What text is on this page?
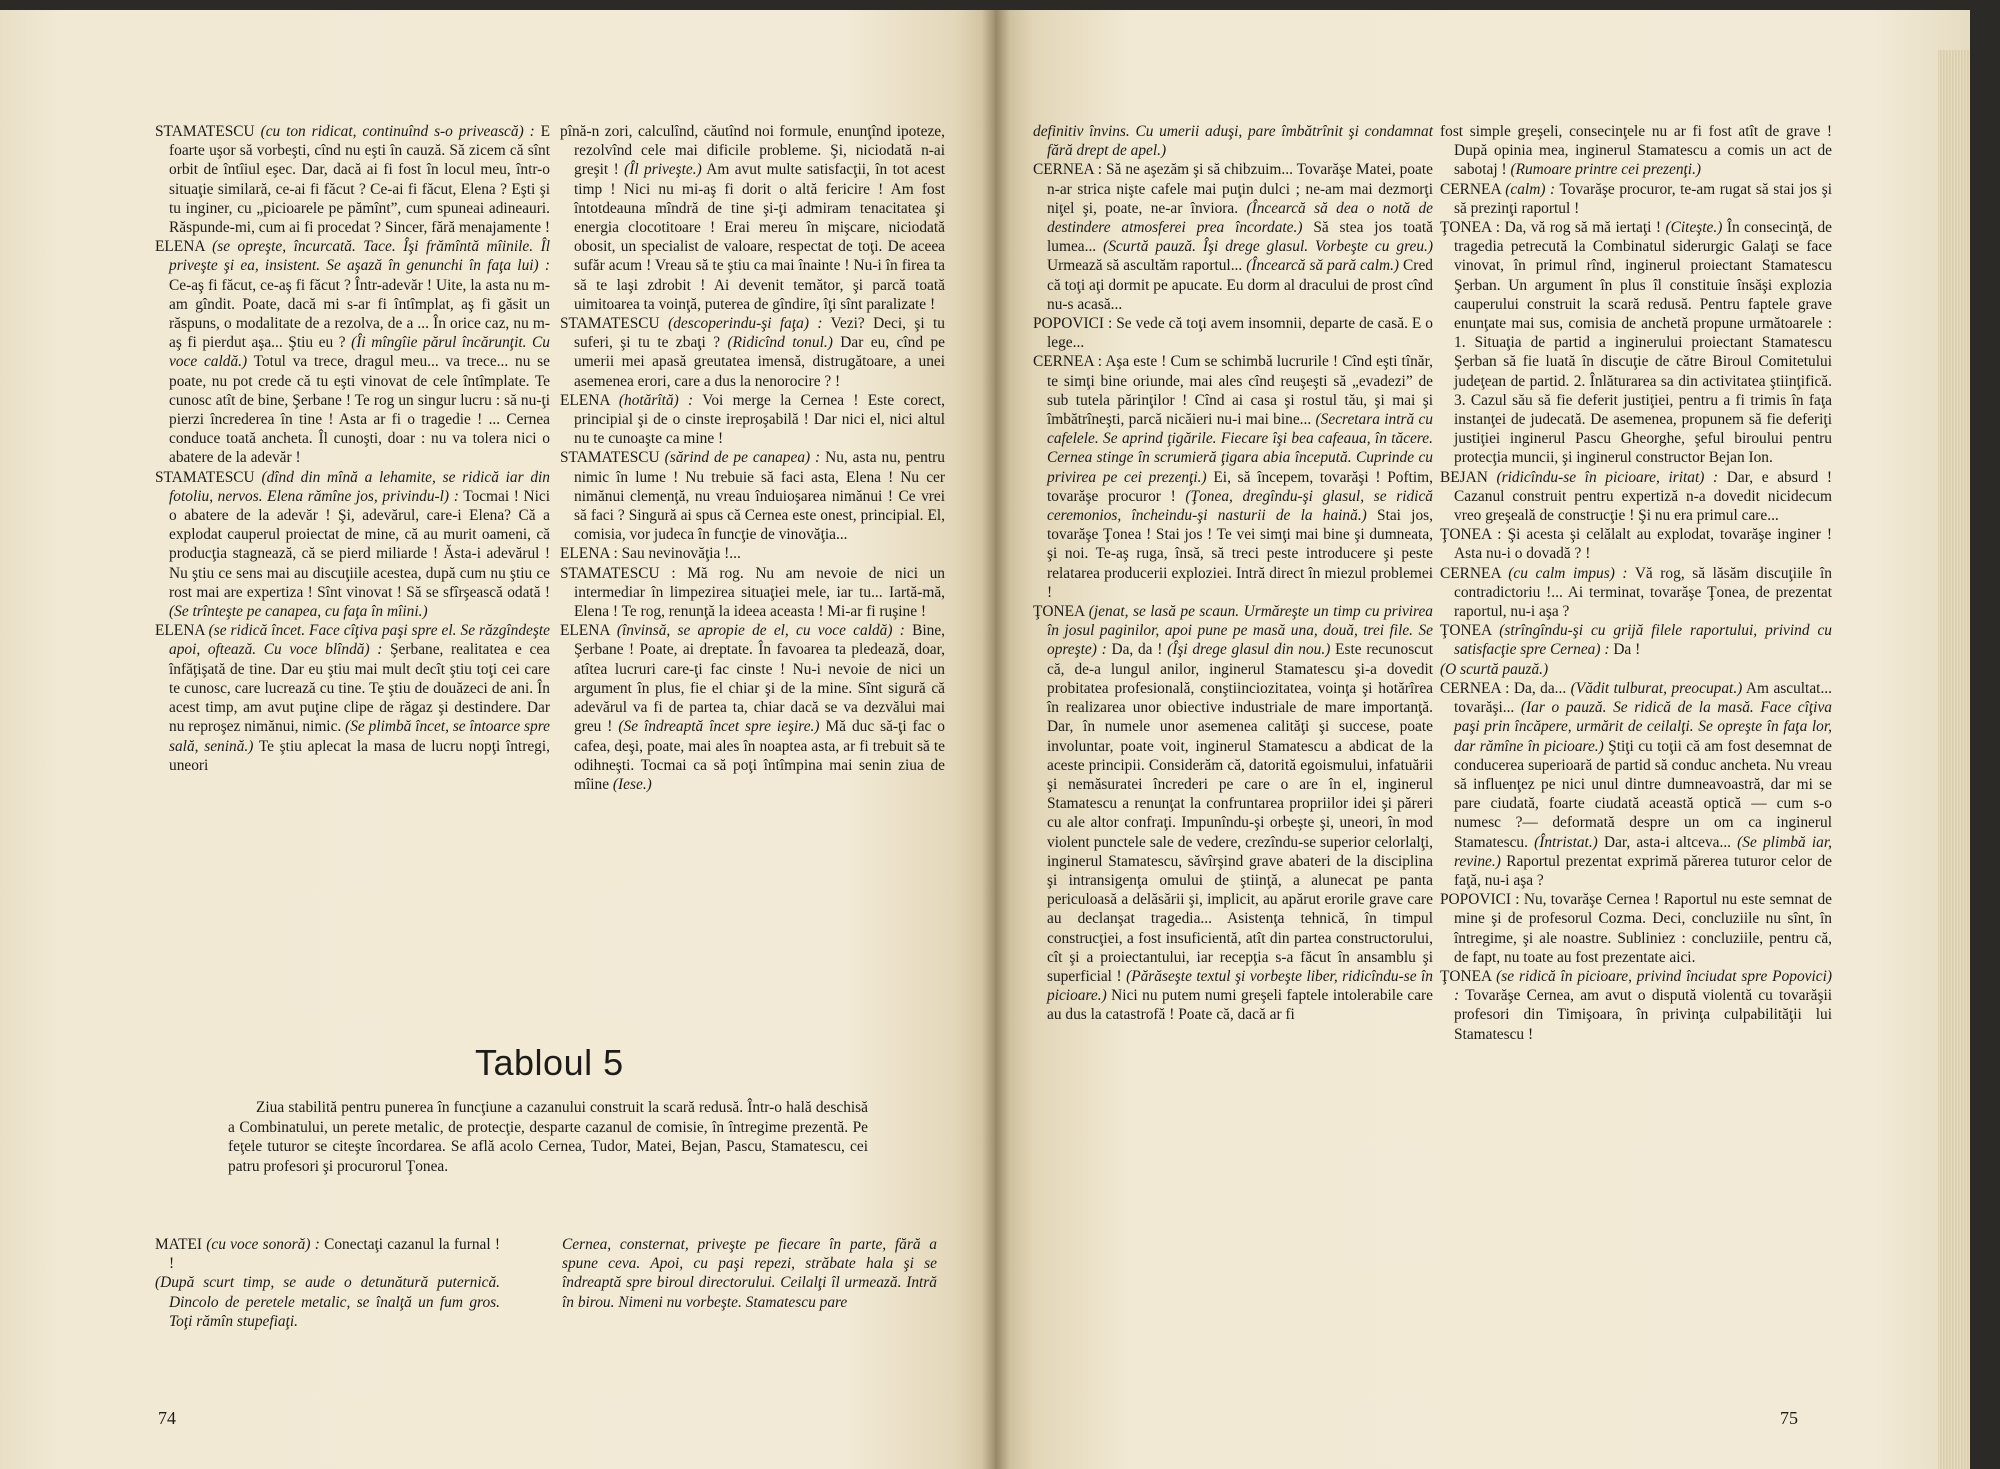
STAMATESCU (cu ton ridicat, continuînd s-o privească) : E foarte uşor să vorbeşti, cînd nu eşti în cauză. Să zicem că sînt orbit de întîiul eşec. Dar, dacă ai fi fost în locul meu, într-o situaţie similară, ce-ai fi făcut ? Ce-ai fi făcut, Elena ? Eşti şi tu inginer, cu „picioarele pe pămînt”, cum spuneai adineauri. Răspunde-mi, cum ai fi procedat ? Sincer, fără menajamente !

ELENA (se opreşte, încurcată. Tace. Îşi frămîntă mîinile. Îl priveşte şi ea, insistent. Se aşază în genunchi în faţa lui) : Ce-aş fi făcut, ce-aş fi făcut ? Într-adevăr ! Uite, la asta nu m-am gîndit. Poate, dacă mi s-ar fi întîmplat, aş fi găsit un răspuns, o modalitate de a rezolva, de a ... În orice caz, nu m-aş fi pierdut aşa... Ştiu eu ? (Îi mîngîie părul încărunţit. Cu voce caldă.) Totul va trece, dragul meu... va trece... nu se poate, nu pot crede că tu eşti vinovat de cele întîmplate. Te cunosc atît de bine, Şerbane ! Te rog un singur lucru : să nu-ţi pierzi încrederea în tine ! Asta ar fi o tragedie ! ... Cernea conduce toată ancheta. Îl cunoşti, doar : nu va tolera nici o abatere de la adevăr !

STAMATESCU (dînd din mînă a lehamite, se ridică iar din fotoliu, nervos. Elena rămîne jos, privindu-l) : Tocmai ! Nici o abatere de la adevăr ! Şi, adevărul, care-i Elena? Că a explodat cauperul proiectat de mine, că au murit oameni, că producţia stagnează, că se pierd miliarde ! Ăsta-i adevărul ! Nu ştiu ce sens mai au discuţiile acestea, după cum nu ştiu ce rost mai are expertiza ! Sînt vinovat ! Să se sfîrşească odată ! (Se trînteşte pe canapea, cu faţa în mîini.)

ELENA (se ridică încet. Face cîţiva paşi spre el. Se răzgîndeşte apoi, oftează. Cu voce blîndă) : Şerbane, realitatea e cea înfăţişată de tine. Dar eu ştiu mai mult decît ştiu toţi cei care te cunosc, care lucrează cu tine. Te ştiu de douăzeci de ani. În acest timp, am avut puţine clipe de răgaz şi destindere. Dar nu reproşez nimănui, nimic. (Se plimbă încet, se întoarce spre sală, senină.) Te ştiu aplecat la masa de lucru nopţi întregi, uneori

pînă-n zori, calculînd, căutînd noi formule, enunţînd ipoteze, rezolvînd cele mai dificile probleme. Şi, niciodată n-ai greşit ! (Îl priveşte.) Am avut multe satisfacţii, în tot acest timp ! Nici nu mi-aş fi dorit o altă fericire ! Am fost întotdeauna mîndră de tine şi-ţi admiram tenacitatea şi energia clocotitoare ! Erai mereu în mişcare, niciodată obosit, un specialist de valoare, respectat de toţi. De aceea sufăr acum ! Vreau să te ştiu ca mai înainte ! Nu-i în firea ta să te laşi zdrobit ! Ai devenit temător, şi parcă toată uimitoarea ta voinţă, puterea de gîndire, îţi sînt paralizate !

STAMATESCU (descoperindu-şi faţa) : Vezi? Deci, şi tu suferi, şi tu te zbaţi ? (Ridicînd tonul.) Dar eu, cînd pe umerii mei apasă greutatea imensă, distrugătoare, a unei asemenea erori, care a dus la nenorocire ? !

ELENA (hotărîtă) : Voi merge la Cernea ! Este corect, principial şi de o cinste ireproşabilă ! Dar nici el, nici altul nu te cunoaşte ca mine !

STAMATESCU (sărind de pe canapea) : Nu, asta nu, pentru nimic în lume ! Nu trebuie să faci asta, Elena ! Nu cer nimănui clemenţă, nu vreau înduioşarea nimănui ! Ce vrei să faci ? Singură ai spus că Cernea este onest, principial. El, comisia, vor judeca în funcţie de vinovăţia...

ELENA : Sau nevinovăţia !...

STAMATESCU : Mă rog. Nu am nevoie de nici un intermediar în limpezirea situaţiei mele, iar tu... Iartă-mă, Elena ! Te rog, renunţă la ideea aceasta ! Mi-ar fi ruşine !

ELENA (învinsă, se apropie de el, cu voce caldă) : Bine, Şerbane ! Poate, ai dreptate. În favoarea ta pledează, doar, atîtea lucruri care-ţi fac cinste ! Nu-i nevoie de nici un argument în plus, fie el chiar şi de la mine. Sînt sigură că adevărul va fi de partea ta, chiar dacă se va dezvălui mai greu ! (Se îndreaptă încet spre ieşire.) Mă duc să-ţi fac o cafea, deşi, poate, mai ales în noaptea asta, ar fi trebuit să te odihneşti. Tocmai ca să poţi întîmpina mai senin ziua de mîine (Iese.)

Tabloul 5

Ziua stabilită pentru punerea în funcţiune a cazanului construit la scară redusă. Într-o hală deschisă a Combinatului, un perete metalic, de protecţie, desparte cazanul de comisie, în întregime prezentă. Pe feţele tuturor se citeşte încordarea. Se află acolo Cernea, Tudor, Matei, Bejan, Pascu, Stamatescu, cei patru profesori şi procurorul Ţonea.

MATEI (cu voce sonoră) : Conectaţi cazanul la furnal ! !

(După scurt timp, se aude o detunătură puternică. Dincolo de peretele metalic, se înalţă un fum gros. Toţi rămîn stupefiaţi.

Cernea, consternat, priveşte pe fiecare în parte, fără a spune ceva. Apoi, cu paşi repezi, străbate hala şi se îndreaptă spre biroul directorului. Ceilalţi îl urmează. Intră în birou. Nimeni nu vorbeşte. Stamatescu pare

74

definitiv învins. Cu umerii aduşi, pare îmbătrînit şi condamnat fără drept de apel.)

CERNEA : Să ne aşezăm şi să chibzuim... Tovarăşe Matei, poate n-ar strica nişte cafele mai puţin dulci ; ne-am mai dezmorţi niţel şi, poate, ne-ar înviora. (Încearcă să dea o notă de destindere atmosferei prea încordate.) Să stea jos toată lumea... (Scurtă pauză. Îşi drege glasul. Vorbeşte cu greu.) Urmează să ascultăm raportul... (Încearcă să pară calm.) Cred că toţi aţi dormit pe apucate. Eu dorm al dracului de prost cînd nu-s acasă...

POPOVICI : Se vede că toţi avem insomnii, departe de casă. E o lege...

CERNEA : Aşa este ! Cum se schimbă lucrurile ! Cînd eşti tînăr, te simţi bine oriunde, mai ales cînd reuşeşti să „evadezi” de sub tutela părinţilor ! Cînd ai casa şi rostul tău, şi mai şi îmbătrîneşti, parcă nicăieri nu-i mai bine... (Secretara intră cu cafelele. Se aprind ţigările. Fiecare îşi bea cafeaua, în tăcere. Cernea stinge în scrumieră ţigara abia începută. Cuprinde cu privirea pe cei prezenţi.) Ei, să începem, tovarăşi ! Poftim, tovarăşe procuror ! (Ţonea, dregîndu-şi glasul, se ridică ceremonios, încheindu-şi nasturii de la haină.) Stai jos, tovarăşe Ţonea ! Stai jos ! Te vei simţi mai bine şi dumneata, şi noi. Te-aş ruga, însă, să treci peste introducere şi peste relatarea producerii exploziei. Intră direct în miezul problemei !

ŢONEA (jenat, se lasă pe scaun. Urmăreşte un timp cu privirea în josul paginilor, apoi pune pe masă una, două, trei file. Se opreşte) : Da, da ! (Îşi drege glasul din nou.) Este recunoscut că, de-a lungul anilor, inginerul Stamatescu şi-a dovedit probitatea profesională, conştiinciozitatea, voinţa şi hotărîrea în realizarea unor obiective industriale de mare importanţă. Dar, în numele unor asemenea calităţi şi succese, poate involuntar, poate voit, inginerul Stamatescu a abdicat de la aceste principii. Considerăm că, datorită egoismului, infatuării şi nemăsuratei încrederi pe care o are în el, inginerul Stamatescu a renunţat la confruntarea propriilor idei şi păreri cu ale altor confraţi. Impunîndu-şi orbeşte şi, uneori, în mod violent punctele sale de vedere, crezîndu-se superior celorlalţi, inginerul Stamatescu, săvîrşind grave abateri de la disciplina şi intransigenţa omului de ştiinţă, a alunecat pe panta periculoasă a delăsării şi, implicit, au apărut erorile grave care au declanşat tragedia... Asistenţa tehnică, în timpul construcţiei, a fost insuficientă, atît din partea constructorului, cît şi a proiectantului, iar recepţia s-a făcut în ansamblu şi superficial ! (Părăseşte textul şi vorbeşte liber, ridicîndu-se în picioare.) Nici nu putem numi greşeli faptele intolerabile care au dus la catastrofă ! Poate că, dacă ar fi

fost simple greşeli, consecinţele nu ar fi fost atît de grave ! După opinia mea, inginerul Stamatescu a comis un act de sabotaj ! (Rumoare printre cei prezenţi.)

CERNEA (calm) : Tovarăşe procuror, te-am rugat să stai jos şi să prezinţi raportul !

ŢONEA : Da, vă rog să mă iertaţi ! (Citeşte.) În consecinţă, de tragedia petrecută la Combinatul siderurgic Galaţi se face vinovat, în primul rînd, inginerul proiectant Stamatescu Şerban. Un argument în plus îl constituie însăşi explozia cauperului construit la scară redusă. Pentru faptele grave enunţate mai sus, comisia de anchetă propune următoarele : 1. Situaţia de partid a inginerului proiectant Stamatescu Şerban să fie luată în discuţie de către Biroul Comitetului judeţean de partid. 2. Înlăturarea sa din activitatea ştiinţifică. 3. Cazul său să fie deferit justiţiei, pentru a fi trimis în faţa instanţei de judecată. De asemenea, propunem să fie deferiţi justiţiei inginerul Pascu Gheorghe, şeful biroului pentru protecţia muncii, şi inginerul constructor Bejan Ion.

BEJAN (ridicîndu-se în picioare, iritat) : Dar, e absurd ! Cazanul construit pentru expertiză n-a dovedit nicidecum vreo greşeală de construcţie ! Şi nu era primul care...

ŢONEA : Şi acesta şi celălalt au explodat, tovarăşe inginer ! Asta nu-i o dovadă ? !

CERNEA (cu calm impus) : Vă rog, să lăsăm discuţiile în contradictoriu !... Ai terminat, tovarăşe Ţonea, de prezentat raportul, nu-i aşa ?

ŢONEA (strîngîndu-şi cu grijă filele raportului, privind cu satisfacţie spre Cernea) : Da !

(O scurtă pauză.)

CERNEA : Da, da... (Vădit tulburat, preocupat.) Am ascultat... tovarăşi... (Iar o pauză. Se ridică de la masă. Face cîţiva paşi prin încăpere, urmărit de ceilalţi. Se opreşte în faţa lor, dar rămîne în picioare.) Ştiţi cu toţii că am fost desemnat de conducerea superioară de partid să conduc ancheta. Nu vreau să influenţez pe nici unul dintre dumneavoastră, dar mi se pare ciudată, foarte ciudată această optică — cum s-o numesc ?— deformată despre un om ca inginerul Stamatescu. (Întristat.) Dar, asta-i altceva... (Se plimbă iar, revine.) Raportul prezentat exprimă părerea tuturor celor de faţă, nu-i aşa ?

POPOVICI : Nu, tovarăşe Cernea ! Raportul nu este semnat de mine şi de profesorul Cozma. Deci, concluziile nu sînt, în întregime, şi ale noastre. Subliniez : concluziile, pentru că, de fapt, nu toate au fost prezentate aici.

ŢONEA (se ridică în picioare, privind înciudat spre Popovici) : Tovarăşe Cernea, am avut o dispută violentă cu tovarăşii profesori din Timişoara, în privinţa culpabilităţii lui Stamatescu !

75
